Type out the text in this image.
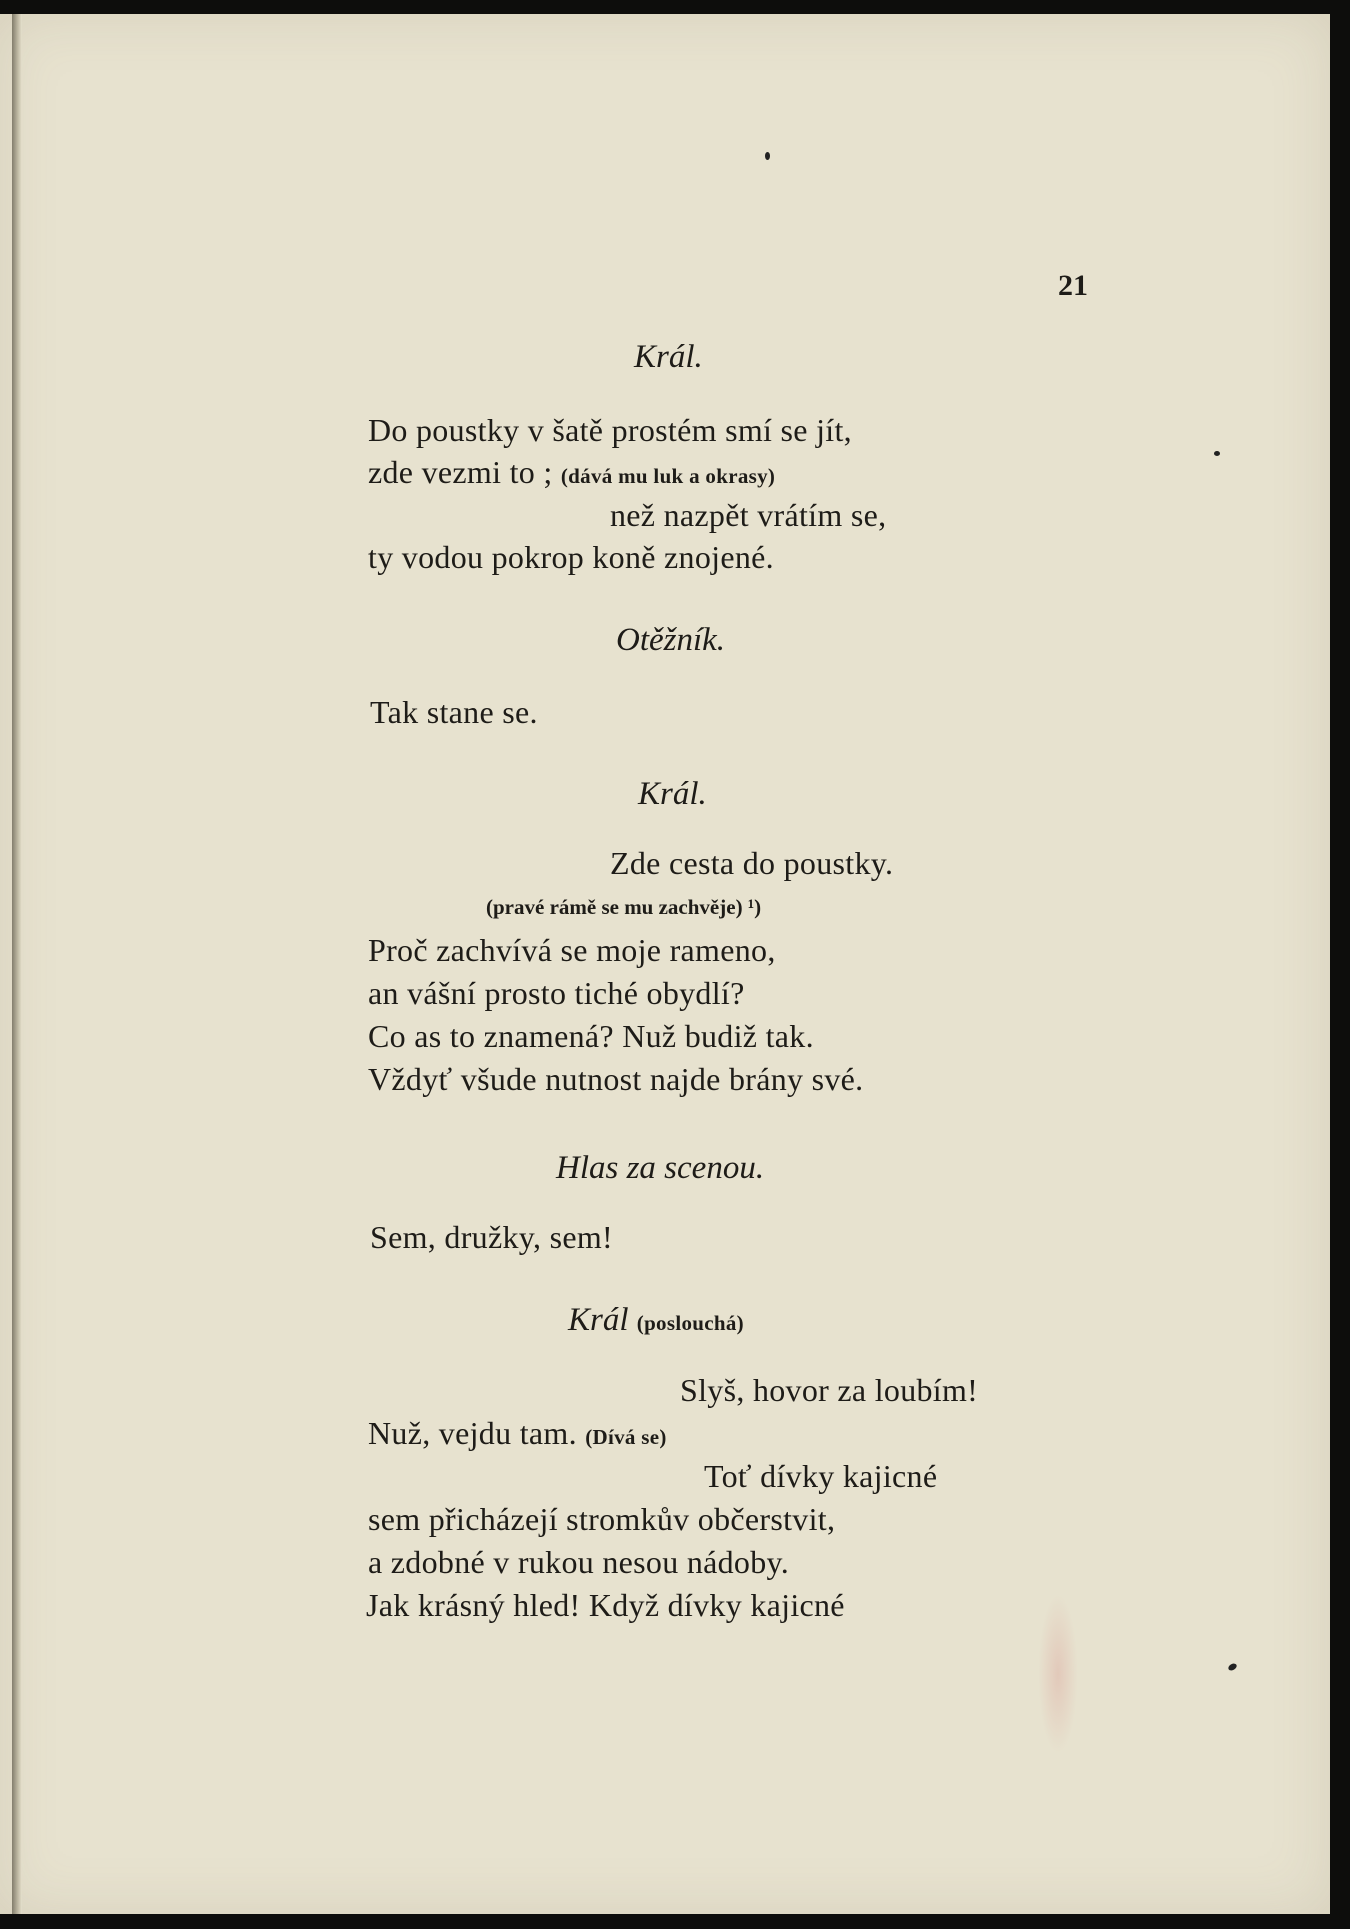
21
Král.
Do poustky v šatě prostém smí se jít,
zde vezmi to ; (dává mu luk a okrasy)
než nazpět vrátím se,
ty vodou pokrop koně znojené.
Otěžník.
Tak stane se.
Král.
Zde cesta do poustky.
(pravé rámě se mu zachvěje) ¹)
Proč zachvívá se moje rameno,
an vášní prosto tiché obydlí?
Co as to znamená? Nuž budiž tak.
Vždyť všude nutnost najde brány své.
Hlas za scenou.
Sem, družky, sem!
Král (poslouchá)
Slyš, hovor za loubím!
Nuž, vejdu tam. (Dívá se)
Toť dívky kajicné
sem přicházejí stromkův občerstvit,
a zdobné v rukou nesou nádoby.
Jak krásný hled! Když dívky kajicné
